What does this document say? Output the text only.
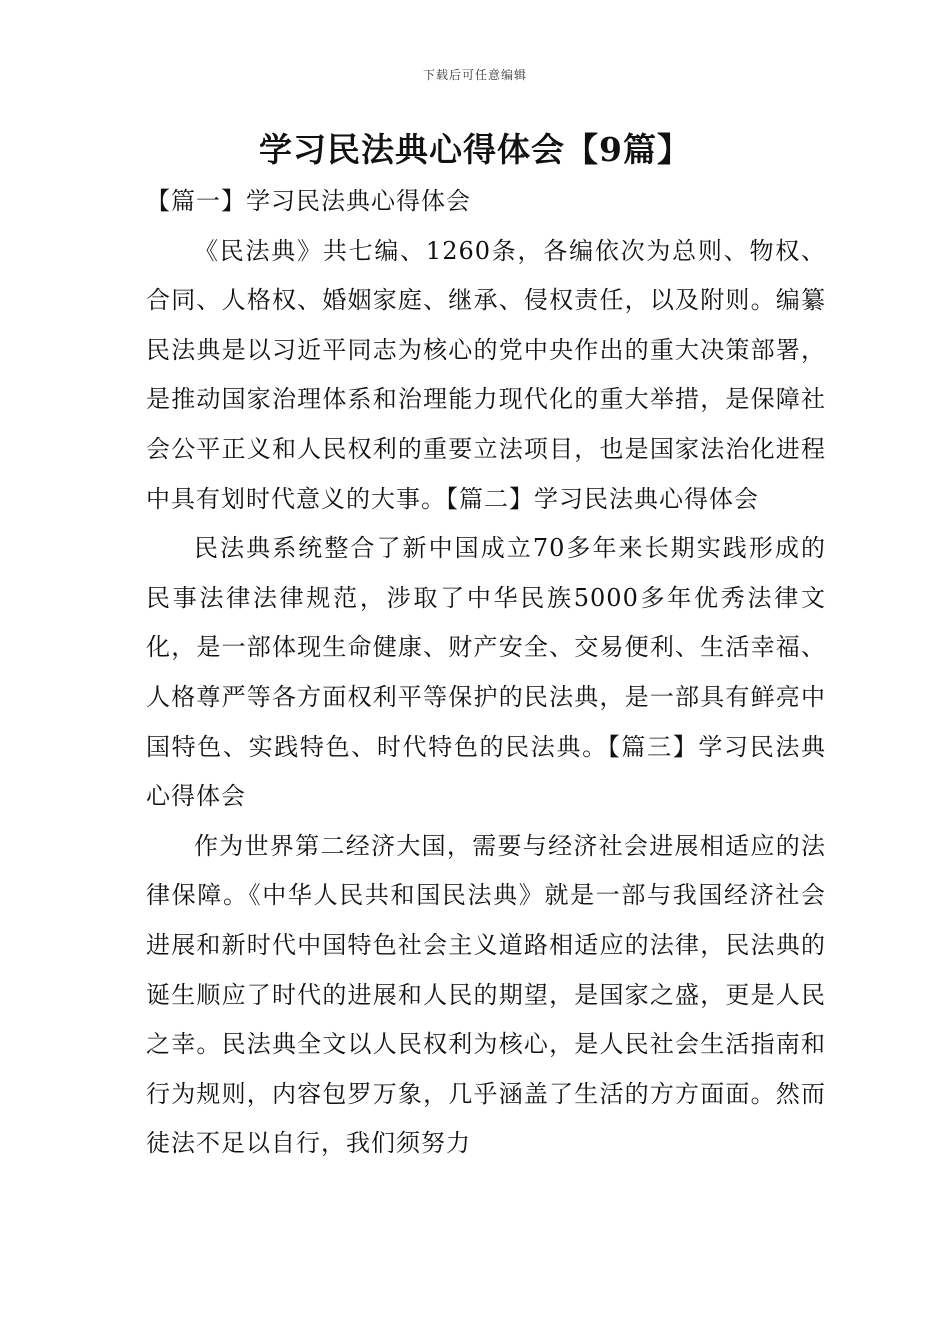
下载后可任意编辑
学习民法典心得体会【9篇】

【篇一】学习民法典心得体会

《民法典》共七编、1260条，各编依次为总则、物权、合同、人格权、婚姻家庭、继承、侵权责任，以及附则。编纂民法典是以习近平同志为核心的党中央作出的重大决策部署，是推动国家治理体系和治理能力现代化的重大举措，是保障社会公平正义和人民权利的重要立法项目，也是国家法治化进程中具有划时代意义的大事。【篇二】学习民法典心得体会

民法典系统整合了新中国成立70多年来长期实践形成的民事法律法律规范，涉取了中华民族5000多年优秀法律文化，是一部体现生命健康、财产安全、交易便利、生活幸福、人格尊严等各方面权利平等保护的民法典，是一部具有鲜亮中国特色、实践特色、时代特色的民法典。【篇三】学习民法典心得体会

作为世界第二经济大国，需要与经济社会进展相适应的法律保障。《中华人民共和国民法典》就是一部与我国经济社会进展和新时代中国特色社会主义道路相适应的法律，民法典的诞生顺应了时代的进展和人民的期望，是国家之盛，更是人民之幸。民法典全文以人民权利为核心，是人民社会生活指南和行为规则，内容包罗万象，几乎涵盖了生活的方方面面。然而徒法不足以自行，我们须努力
